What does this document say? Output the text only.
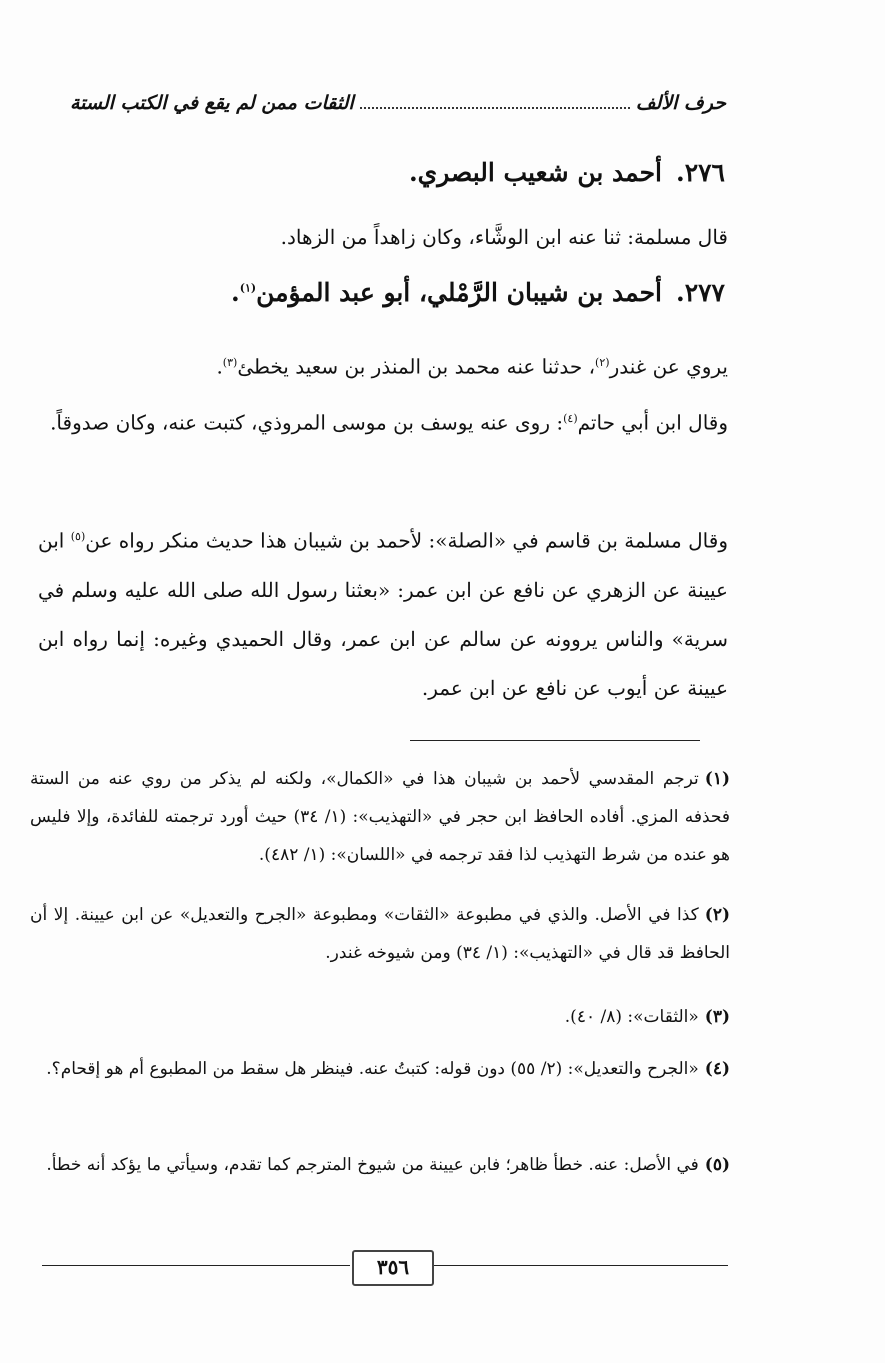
حرف الألف
الثقات ممن لم يقع في الكتب الستة
٢٧٦.أحمد بن شعيب البصري.
قال مسلمة: ثنا عنه ابن الوشَّاء، وكان زاهداً من الزهاد.
٢٧٧.أحمد بن شيبان الرَّمْلي، أبو عبد المؤمن$^{(١)}$.
يروي عن غندر$^{(٢)}$، حدثنا عنه محمد بن المنذر بن سعيد يخطئ$^{(٣)}$.
وقال ابن أبي حاتم$^{(٤)}$: روى عنه يوسف بن موسى المروذي، كتبت عنه، وكان صدوقاً.
وقال مسلمة بن قاسم في «الصلة»: لأحمد بن شيبان هذا حديث منكر رواه عن$^{(٥)}$ ابن عيينة عن الزهري عن نافع عن ابن عمر: «بعثنا رسول الله صلى الله عليه وسلم في سرية» والناس يروونه عن سالم عن ابن عمر، وقال الحميدي وغيره: إنما رواه ابن عيينة عن أيوب عن نافع عن ابن عمر.
(١)ترجم المقدسي لأحمد بن شيبان هذا في «الكمال»، ولكنه لم يذكر من روي عنه من الستة فحذفه المزي. أفاده الحافظ ابن حجر في «التهذيب»: (١/ ٣٤) حيث أورد ترجمته للفائدة، وإلا فليس هو عنده من شرط التهذيب لذا فقد ترجمه في «اللسان»: (١/ ٤٨٢).
(٢)كذا في الأصل. والذي في مطبوعة «الثقات» ومطبوعة «الجرح والتعديل» عن ابن عيينة. إلا أن الحافظ قد قال في «التهذيب»: (١/ ٣٤) ومن شيوخه غندر.
(٣)«الثقات»: (٨/ ٤٠).
(٤)«الجرح والتعديل»: (٢/ ٥٥) دون قوله: كتبتُ عنه. فينظر هل سقط من المطبوع أم هو إقحام؟.
(٥)في الأصل: عنه. خطأ ظاهر؛ فابن عيينة من شيوخ المترجم كما تقدم، وسيأتي ما يؤكد أنه خطأ.
٣٥٦
